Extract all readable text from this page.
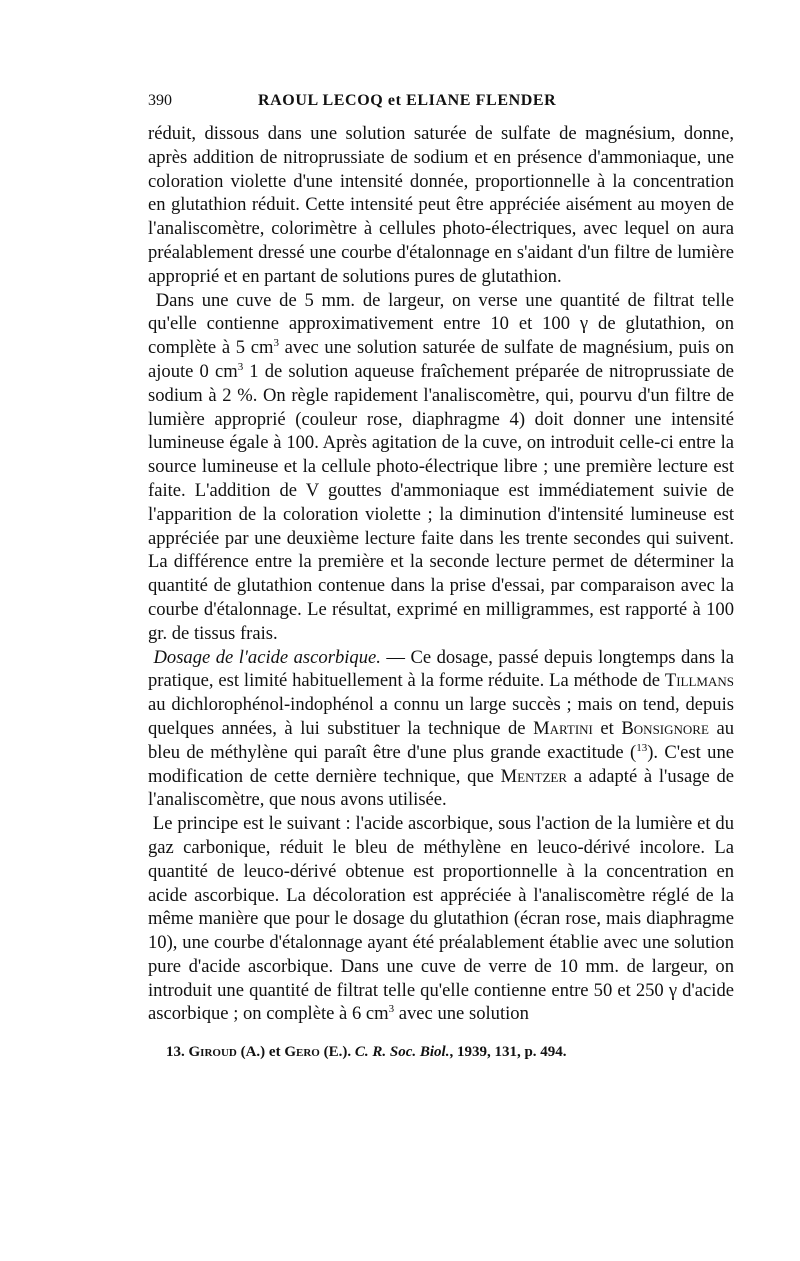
390	RAOUL LECOQ et ELIANE FLENDER

réduit, dissous dans une solution saturée de sulfate de magnésium, donne, après addition de nitroprussiate de sodium et en présence d'ammoniaque, une coloration violette d'une intensité donnée, proportionnelle à la concentration en glutathion réduit. Cette intensité peut être appréciée aisément au moyen de l'analiscomètre, colorimètre à cellules photo-électriques, avec lequel on aura préalablement dressé une courbe d'étalonnage en s'aidant d'un filtre de lumière approprié et en partant de solutions pures de glutathion.

Dans une cuve de 5 mm. de largeur, on verse une quantité de filtrat telle qu'elle contienne approximativement entre 10 et 100 γ de glutathion, on complète à 5 $cm^3$ avec une solution saturée de sulfate de magnésium, puis on ajoute 0 $cm^3$ 1 de solution aqueuse fraîchement préparée de nitroprussiate de sodium à 2 %. On règle rapidement l'analiscomètre, qui, pourvu d'un filtre de lumière approprié (couleur rose, diaphragme 4) doit donner une intensité lumineuse égale à 100. Après agitation de la cuve, on introduit celle-ci entre la source lumineuse et la cellule photo-électrique libre ; une première lecture est faite. L'addition de V gouttes d'ammoniaque est immédiatement suivie de l'apparition de la coloration violette ; la diminution d'intensité lumineuse est appréciée par une deuxième lecture faite dans les trente secondes qui suivent. La différence entre la première et la seconde lecture permet de déterminer la quantité de glutathion contenue dans la prise d'essai, par comparaison avec la courbe d'étalonnage. Le résultat, exprimé en milligrammes, est rapporté à 100 gr. de tissus frais.

Dosage de l'acide ascorbique. — Ce dosage, passé depuis longtemps dans la pratique, est limité habituellement à la forme réduite. La méthode de Tillmans au dichlorophénol-indophénol a connu un large succès ; mais on tend, depuis quelques années, à lui substituer la technique de Martini et Bonsignore au bleu de méthylène qui paraît être d'une plus grande exactitude ($^{13}$). C'est une modification de cette dernière technique, que Mentzer a adapté à l'usage de l'analiscomètre, que nous avons utilisée.

Le principe est le suivant : l'acide ascorbique, sous l'action de la lumière et du gaz carbonique, réduit le bleu de méthylène en leuco-dérivé incolore. La quantité de leuco-dérivé obtenue est proportionnelle à la concentration en acide ascorbique. La décoloration est appréciée à l'analiscomètre réglé de la même manière que pour le dosage du glutathion (écran rose, mais diaphragme 10), une courbe d'étalonnage ayant été préalablement établie avec une solution pure d'acide ascorbique. Dans une cuve de verre de 10 mm. de largeur, on introduit une quantité de filtrat telle qu'elle contienne entre 50 et 250 γ d'acide ascorbique ; on complète à 6 $cm^3$ avec une solution

13. Giroud (A.) et Gero (E.). C. R. Soc. Biol., 1939, 131, p. 494.
